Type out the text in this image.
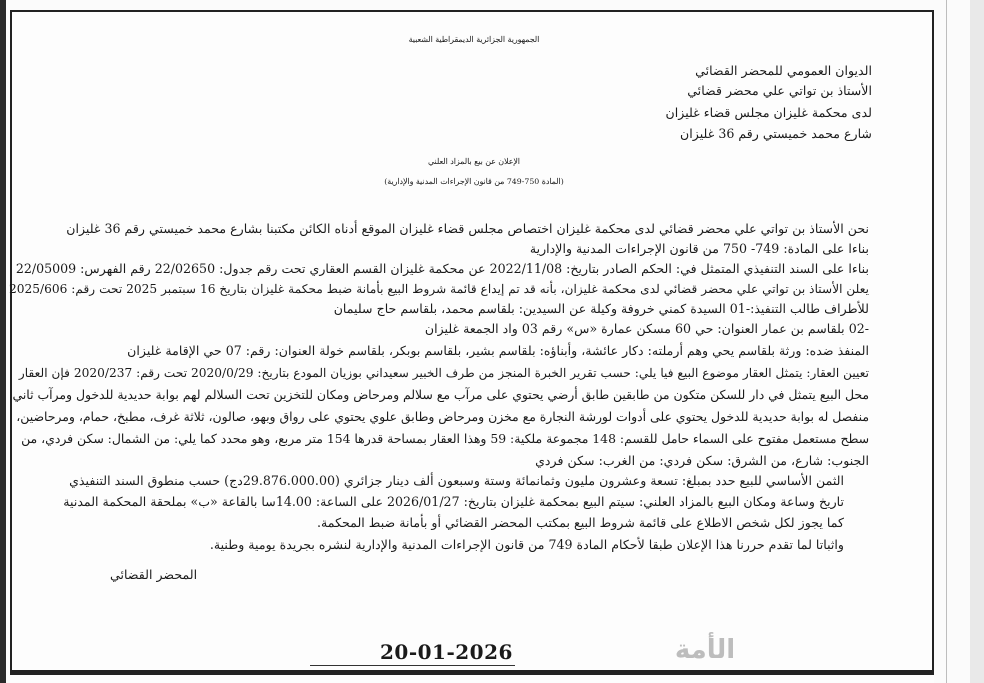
الجمهورية الجزائرية الديمقراطية الشعبية
الديوان العمومي للمحضر القضائي
الأستاذ بن تواتي علي محضر قضائي
لدى محكمة غليزان مجلس قضاء غليزان
شارع محمد خميستي رقم 36 غليزان
الإعلان عن بيع بالمزاد العلني
(المادة 750-749 من قانون الإجراءات المدنية والإدارية)
نحن الأستاذ بن تواتي علي محضر قضائي لدى محكمة غليزان اختصاص مجلس قضاء غليزان الموقع أدناه الكائن مكتبنا بشارع محمد خميستي رقم 36 غليزان
بناءا على المادة: 749- 750 من قانون الإجراءات المدنية والإدارية
بناءا على السند التنفيذي المتمثل في: الحكم الصادر بتاريخ: 2022/11/08 عن محكمة غليزان القسم العقاري تحت رقم جدول: 22/02650 رقم الفهرس: 22/05009
يعلن الأستاذ بن تواتي علي محضر قضائي لدى محكمة غليزان، بأنه قد تم إيداع قائمة شروط البيع بأمانة ضبط محكمة غليزان بتاريخ 16 سبتمبر 2025 تحت رقم: 2025/606
للأطراف طالب التنفيذ:-01 السيدة كمني خروفة وكيلة عن السيدين: بلقاسم محمد، بلقاسم حاج سليمان
-02 بلقاسم بن عمار العنوان: حي 60 مسكن عمارة «س» رقم 03 واد الجمعة غليزان
المنفذ ضده: ورثة بلقاسم يحي وهم أرملته: دكار عائشة، وأبناؤه: بلقاسم بشير، بلقاسم بوبكر، بلقاسم خولة العنوان: رقم: 07 حي الإقامة غليزان
تعيين العقار: يتمثل العقار موضوع البيع فيا يلي: حسب تقرير الخبرة المنجز من طرف الخبير سعيداني بوزيان المودع بتاريخ: 2020/0/29 تحت رقم: 2020/237 فإن العقار
محل البيع يتمثل في دار للسكن متكون من طابقين طابق أرضي يحتوي على مرآب مع سلالم ومرحاض ومكان للتخزين تحت السلالم لهم بوابة حديدية للدخول ومرآب ثاني
منفصل له بوابة حديدية للدخول يحتوي على أدوات لورشة النجارة مع مخزن ومرحاض وطابق علوي يحتوي على رواق وبهو، صالون، ثلاثة غرف، مطبخ، حمام، ومرحاضين،
سطح مستعمل مفتوح على السماء حامل للقسم: 148 مجموعة ملكية: 59 وهذا العقار بمساحة قدرها 154 متر مربع، وهو محدد كما يلي: من الشمال: سكن فردي، من
الجنوب: شارع، من الشرق: سكن فردي: من الغرب: سكن فردي
الثمن الأساسي للبيع حدد بمبلغ: تسعة وعشرون مليون وثمانمائة وستة وسبعون ألف دينار جزائري (29.876.000.00دج) حسب منطوق السند التنفيذي
تاريخ وساعة ومكان البيع بالمزاد العلني: سيتم البيع بمحكمة غليزان بتاريخ: 2026/01/27 على الساعة: 14.00سا بالقاعة «ب» بملحقة المحكمة المدنية
كما يجوز لكل شخص الاطلاع على قائمة شروط البيع بمكتب المحضر القضائي أو بأمانة ضبط المحكمة.
واثباتا لما تقدم حررنا هذا الإعلان طبقا لأحكام المادة 749 من قانون الإجراءات المدنية والإدارية لنشره بجريدة يومية وطنية.
المحضر القضائي
الأمة
20-01-2026
